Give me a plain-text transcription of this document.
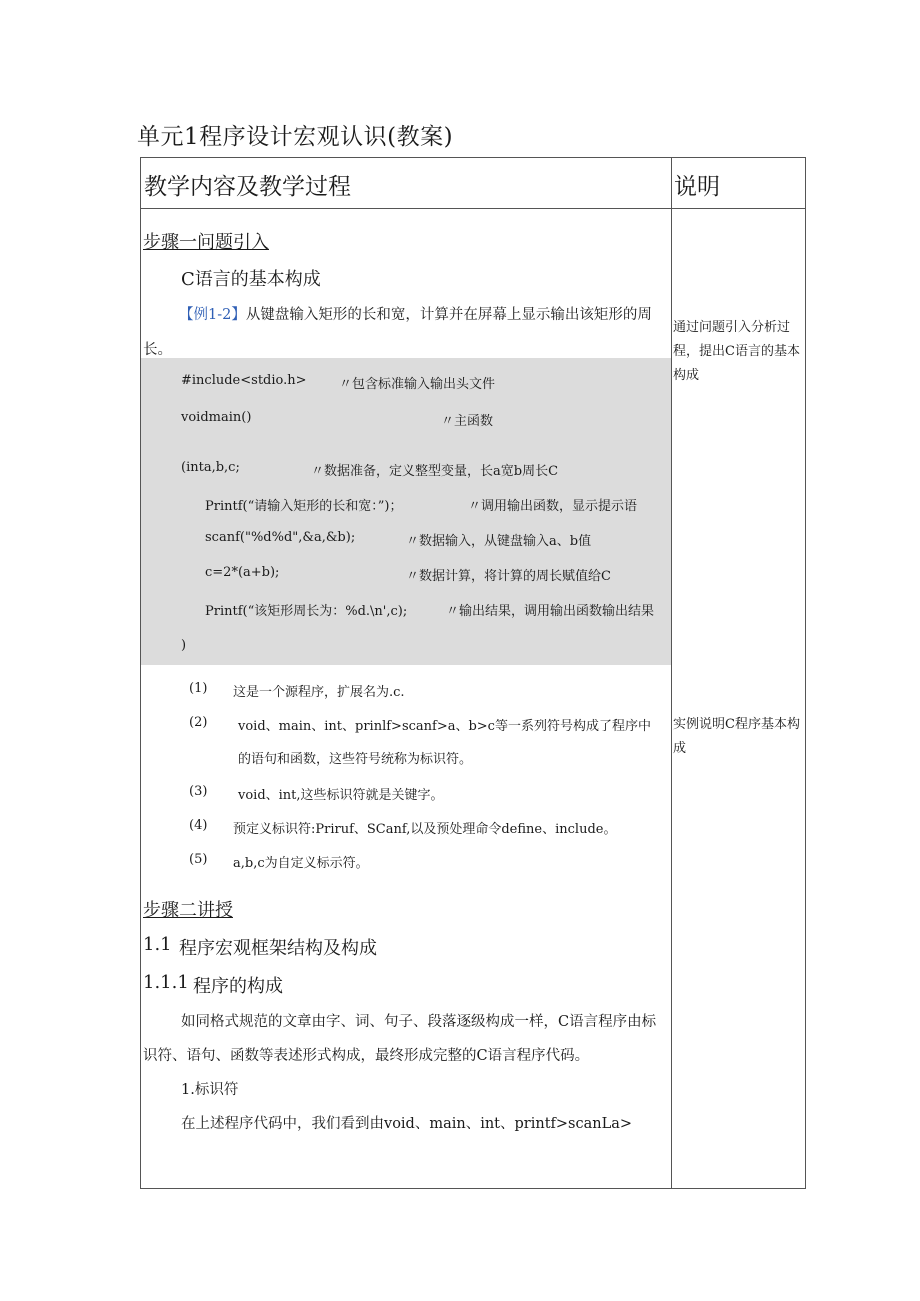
单元1程序设计宏观认识(教案)
教学内容及教学过程	说明
步骤一问题引入
C语言的基本构成
【例1-2】从键盘输入矩形的长和宽，计算并在屏幕上显示输出该矩形的周
长。
#include<stdio.h> 〃包含标准输入输出头文件
voidmain()	〃主函数
(inta,b,c;	〃数据准备，定义整型变量，长a宽b周长C
Printf(“请输入矩形的长和宽：”)；	〃调用输出函数，显示提示语
scanf("%d%d",&a,&b);	〃数据输入，从键盘输入a、b值
c=2*(a+b);	〃数据计算，将计算的周长赋值给C
Printf(“该矩形周长为：%d.\n',c);	〃输出结果，调用输出函数输出结果
)
(1) 这是一个源程序，扩展名为.c.
(2) void、main、int、prinlf>scanf>a、b>c等一系列符号构成了程序中
的语句和函数，这些符号统称为标识符。
(3) void、int,这些标识符就是关键字。
(4) 预定义标识符:Priruf、SCanf,以及预处理命令define、include。
(5) a,b,c为自定义标示符。
步骤二讲授
1.1 程序宏观框架结构及构成
1.1.1 程序的构成
如同格式规范的文章由字、词、句子、段落逐级构成一样，C语言程序由标
识符、语句、函数等表述形式构成，最终形成完整的C语言程序代码。
1.标识符
在上述程序代码中，我们看到由void、main、int、printf>scanLa>
通过问题引入分析过程，提出C语言的基本构成
实例说明C程序基本构成
